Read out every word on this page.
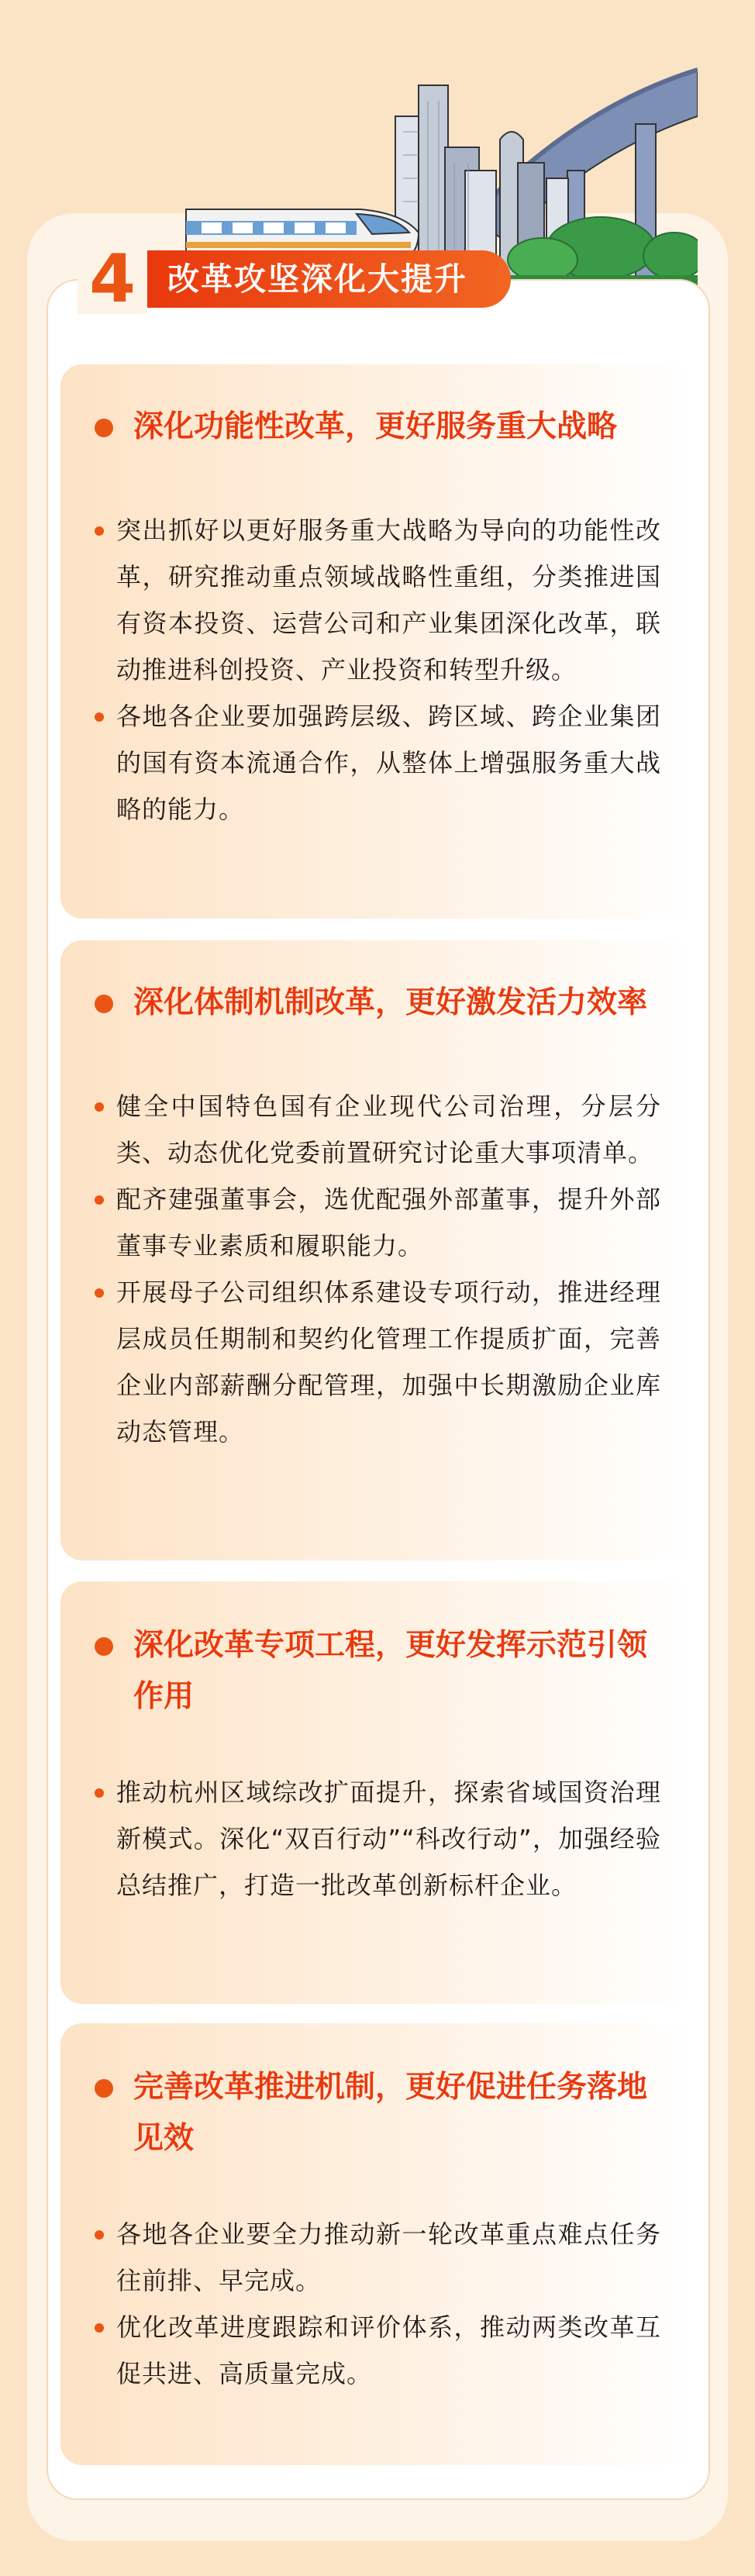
4	改革攻坚深化大提升
深化功能性改革，更好服务重大战略
突出抓好以更好服务重大战略为导向的功能性改革，研究推动重点领域战略性重组，分类推进国有资本投资、运营公司和产业集团深化改革，联动推进科创投资、产业投资和转型升级。
各地各企业要加强跨层级、跨区域、跨企业集团的国有资本流通合作，从整体上增强服务重大战略的能力。
深化体制机制改革，更好激发活力效率
健全中国特色国有企业现代公司治理，分层分类、动态优化党委前置研究讨论重大事项清单。
配齐建强董事会，选优配强外部董事，提升外部董事专业素质和履职能力。
开展母子公司组织体系建设专项行动，推进经理层成员任期制和契约化管理工作提质扩面，完善企业内部薪酬分配管理，加强中长期激励企业库动态管理。
深化改革专项工程，更好发挥示范引领作用
推动杭州区域综改扩面提升，探索省域国资治理新模式。深化“双百行动”“科改行动”，加强经验总结推广，打造一批改革创新标杆企业。
完善改革推进机制，更好促进任务落地见效
各地各企业要全力推动新一轮改革重点难点任务往前排、早完成。
优化改革进度跟踪和评价体系，推动两类改革互促共进、高质量完成。
